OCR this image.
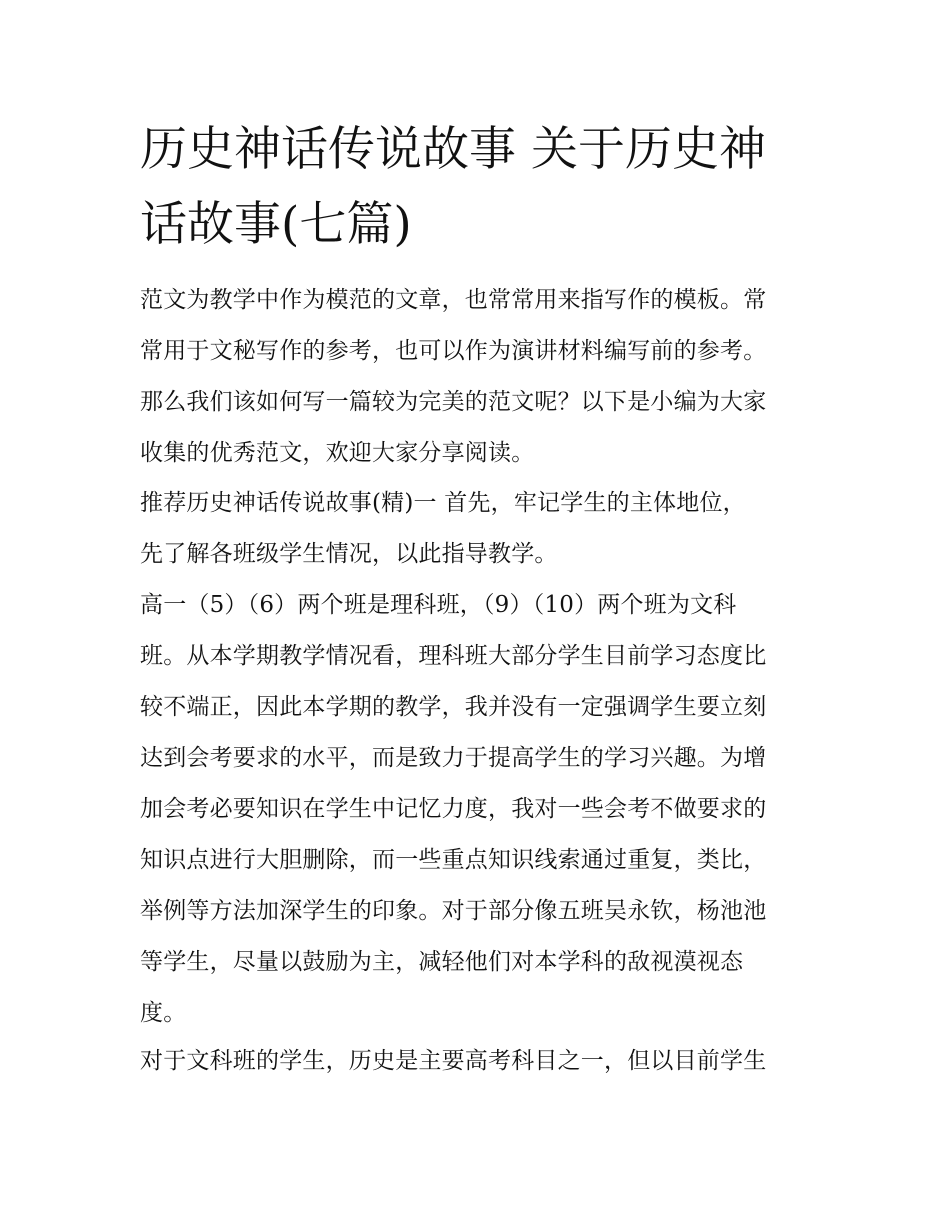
历史神话传说故事 关于历史神
话故事(七篇)
范文为教学中作为模范的文章，也常常用来指写作的模板。常
常用于文秘写作的参考，也可以作为演讲材料编写前的参考。
那么我们该如何写一篇较为完美的范文呢？以下是小编为大家
收集的优秀范文，欢迎大家分享阅读。
推荐历史神话传说故事(精)一 首先，牢记学生的主体地位，
先了解各班级学生情况，以此指导教学。
高一（5）（6）两个班是理科班，（9）（10）两个班为文科
班。从本学期教学情况看，理科班大部分学生目前学习态度比
较不端正，因此本学期的教学，我并没有一定强调学生要立刻
达到会考要求的水平，而是致力于提高学生的学习兴趣。为增
加会考必要知识在学生中记忆力度，我对一些会考不做要求的
知识点进行大胆删除，而一些重点知识线索通过重复，类比，
举例等方法加深学生的印象。对于部分像五班吴永钦，杨池池
等学生，尽量以鼓励为主，减轻他们对本学科的敌视漠视态
度。
对于文科班的学生，历史是主要高考科目之一，但以目前学生
